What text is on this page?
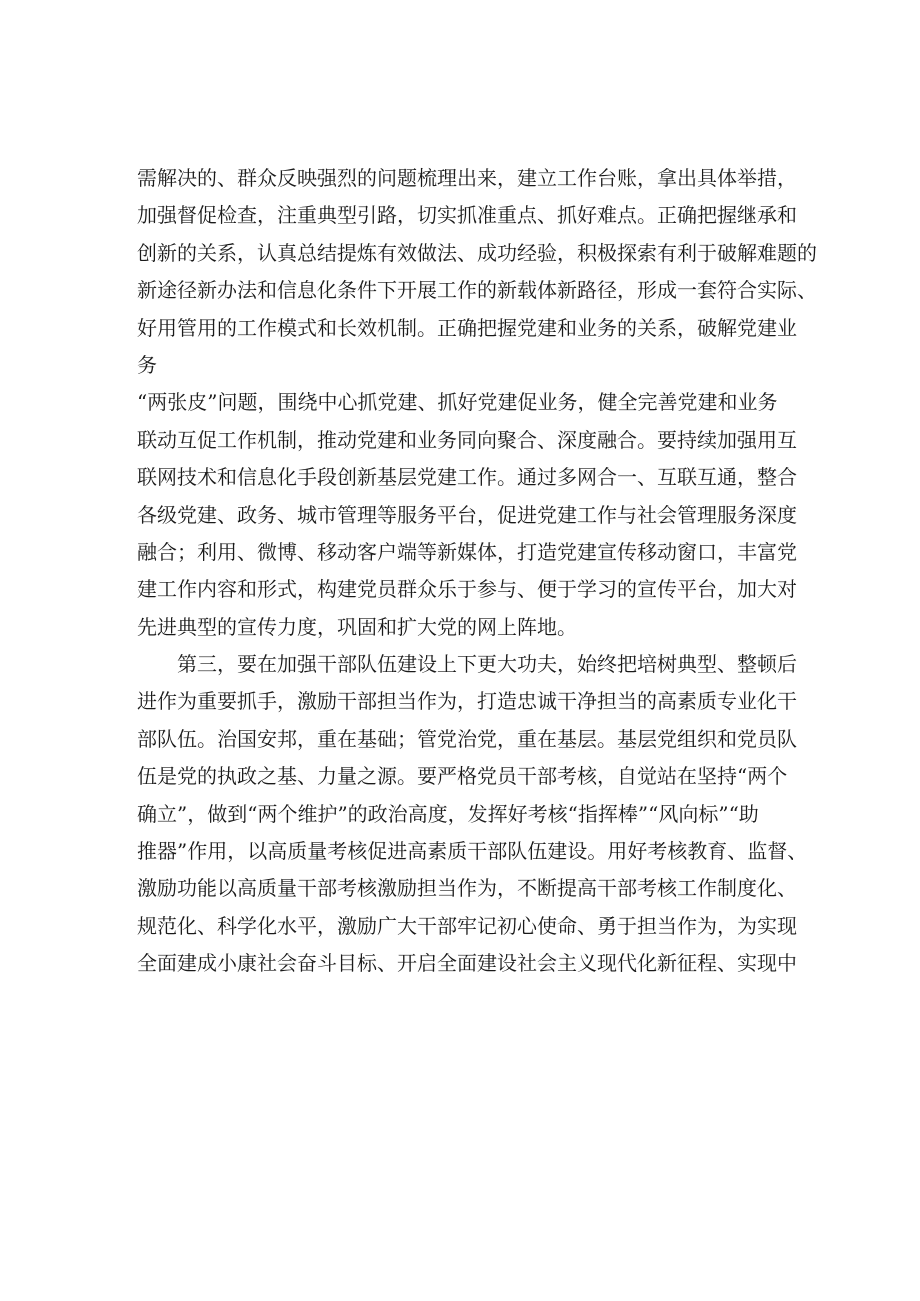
需解决的、群众反映强烈的问题梳理出来，建立工作台账，拿出具体举措，
加强督促检查，注重典型引路，切实抓准重点、抓好难点。正确把握继承和
创新的关系，认真总结提炼有效做法、成功经验，积极探索有利于破解难题的
新途径新办法和信息化条件下开展工作的新载体新路径，形成一套符合实际、
好用管用的工作模式和长效机制。正确把握党建和业务的关系，破解党建业
务
“两张皮”问题，围绕中心抓党建、抓好党建促业务，健全完善党建和业务
联动互促工作机制，推动党建和业务同向聚合、深度融合。要持续加强用互
联网技术和信息化手段创新基层党建工作。通过多网合一、互联互通，整合
各级党建、政务、城市管理等服务平台，促进党建工作与社会管理服务深度
融合；利用、微博、移动客户端等新媒体，打造党建宣传移动窗口，丰富党
建工作内容和形式，构建党员群众乐于参与、便于学习的宣传平台，加大对
先进典型的宣传力度，巩固和扩大党的网上阵地。
第三，要在加强干部队伍建设上下更大功夫，始终把培树典型、整顿后
进作为重要抓手，激励干部担当作为，打造忠诚干净担当的高素质专业化干
部队伍。治国安邦，重在基础；管党治党，重在基层。基层党组织和党员队
伍是党的执政之基、力量之源。要严格党员干部考核，自觉站在坚持“两个
确立”，做到“两个维护”的政治高度，发挥好考核“指挥棒”“风向标”“助
推器”作用，以高质量考核促进高素质干部队伍建设。用好考核教育、监督、
激励功能以高质量干部考核激励担当作为，不断提高干部考核工作制度化、
规范化、科学化水平，激励广大干部牢记初心使命、勇于担当作为，为实现
全面建成小康社会奋斗目标、开启全面建设社会主义现代化新征程、实现中
